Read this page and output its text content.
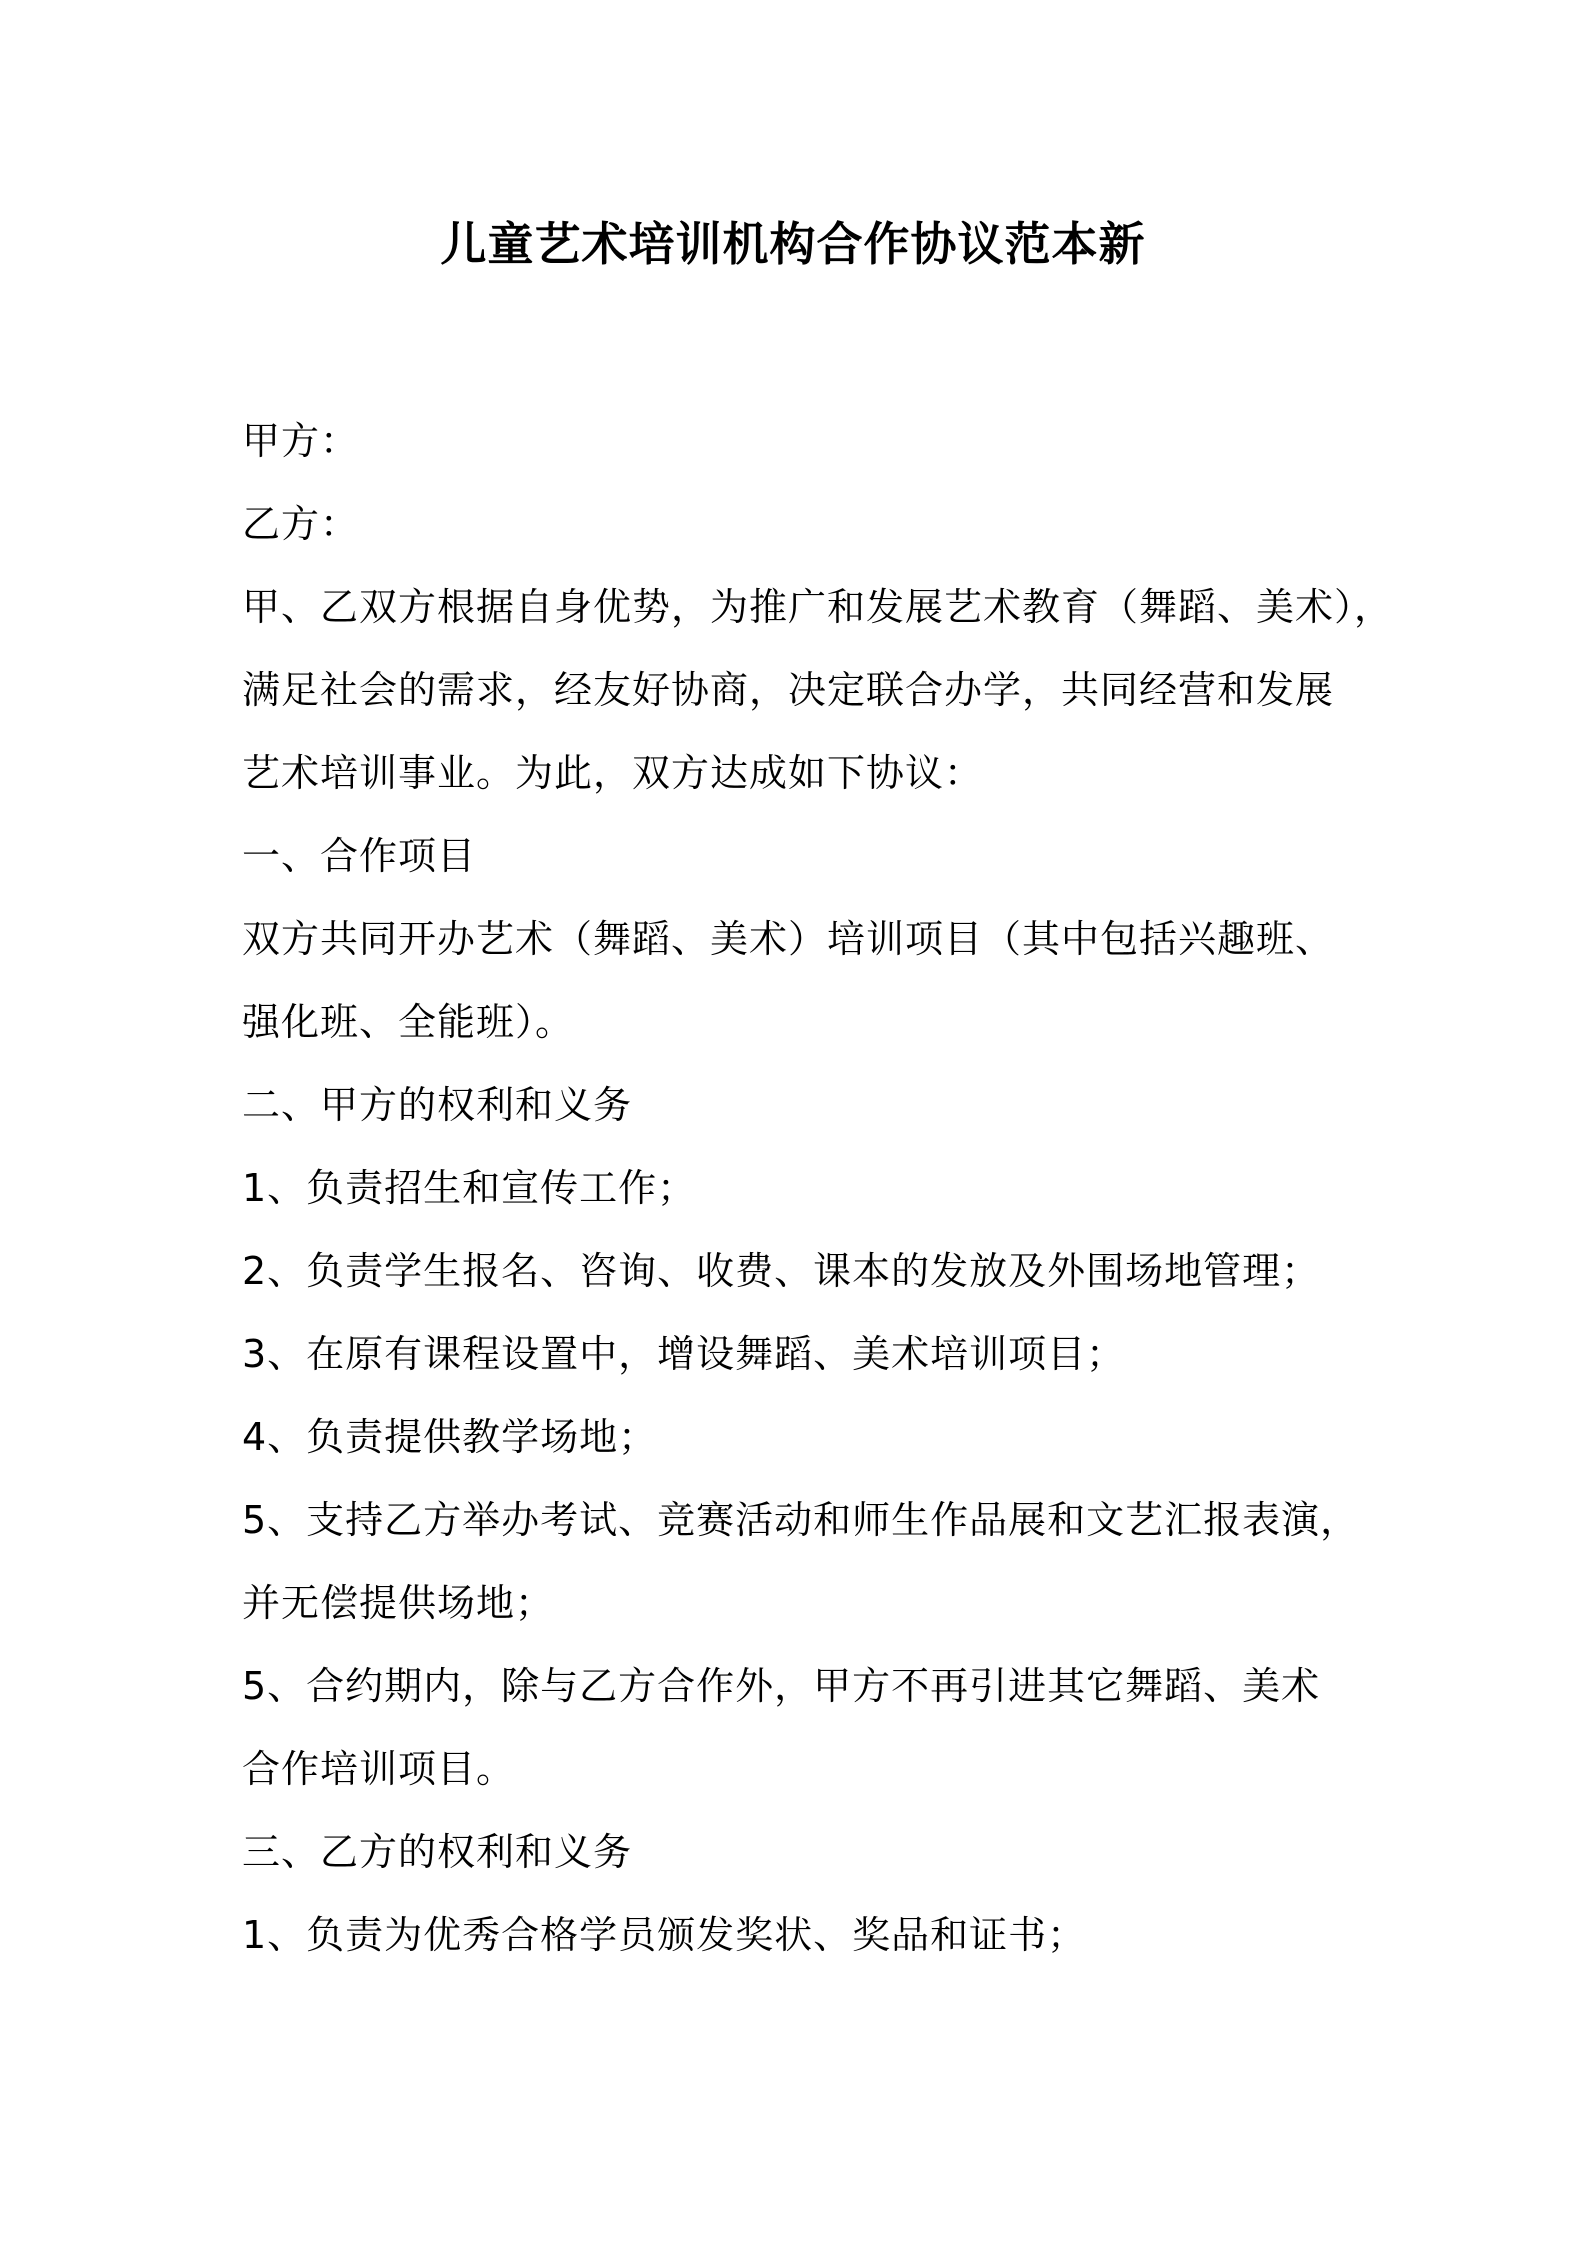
儿童艺术培训机构合作协议范本新

甲方：

乙方：

甲、乙双方根据自身优势，为推广和发展艺术教育（舞蹈、美术），

满足社会的需求，经友好协商，决定联合办学，共同经营和发展

艺术培训事业。为此，双方达成如下协议：

一、合作项目

双方共同开办艺术（舞蹈、美术）培训项目（其中包括兴趣班、

强化班、全能班）。

二、甲方的权利和义务

1、负责招生和宣传工作；

2、负责学生报名、咨询、收费、课本的发放及外围场地管理；

3、在原有课程设置中，增设舞蹈、美术培训项目；

4、负责提供教学场地；

5、支持乙方举办考试、竞赛活动和师生作品展和文艺汇报表演，

并无偿提供场地；

5、合约期内，除与乙方合作外，甲方不再引进其它舞蹈、美术

合作培训项目。

三、乙方的权利和义务

1、负责为优秀合格学员颁发奖状、奖品和证书；
